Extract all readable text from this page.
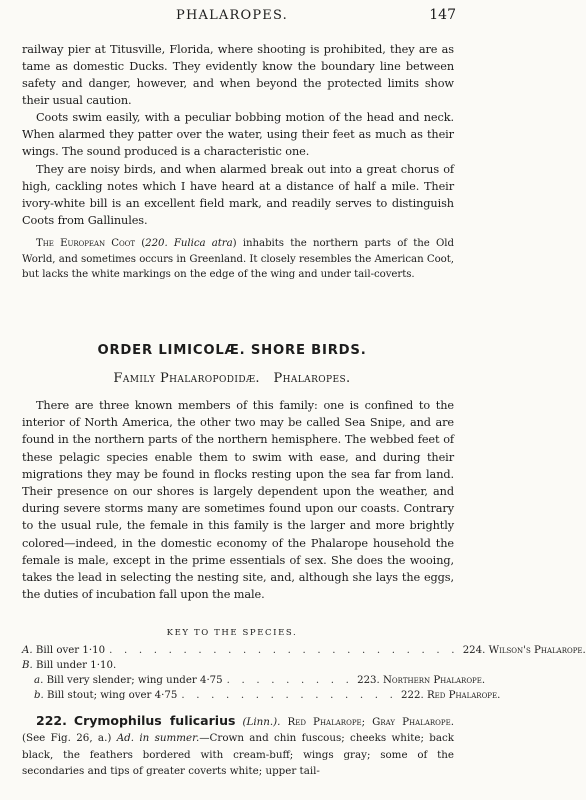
PHALAROPES.	147

railway pier at Titusville, Florida, where shooting is prohibited, they are as tame as domestic Ducks. They evidently know the boundary line between safety and danger, however, and when beyond the protected limits show their usual caution.

Coots swim easily, with a peculiar bobbing motion of the head and neck. When alarmed they patter over the water, using their feet as much as their wings. The sound produced is a characteristic one.

They are noisy birds, and when alarmed break out into a great chorus of high, cackling notes which I have heard at a distance of half a mile. Their ivory-white bill is an excellent field mark, and readily serves to distinguish Coots from Gallinules.

The European Coot (220. Fulica atra) inhabits the northern parts of the Old World, and sometimes occurs in Greenland. It closely resembles the American Coot, but lacks the white markings on the edge of the wing and under tail-coverts.

ORDER LIMICOLÆ. SHORE BIRDS.
Family Phalaropodidæ. Phalaropes.

There are three known members of this family: one is confined to the interior of North America, the other two may be called Sea Snipe, and are found in the northern parts of the northern hemisphere. The webbed feet of these pelagic species enable them to swim with ease, and during their migrations they may be found in flocks resting upon the sea far from land. Their presence on our shores is largely dependent upon the weather, and during severe storms many are sometimes found upon our coasts. Contrary to the usual rule, the female in this family is the larger and more brightly colored—indeed, in the domestic economy of the Phalarope household the female is male, except in the prime essentials of sex. She does the wooing, takes the lead in selecting the nesting site, and, although she lays the eggs, the duties of incubation fall upon the male.

KEY TO THE SPECIES.
A. Bill over 1·10 . . . . . . . . . . . . . . . . . . . . . . . . 224. Wilson's Phalarope.
B. Bill under 1·10.
a. Bill very slender; wing under 4·75 . . . . . . . . . 223. Northern Phalarope.
b. Bill stout; wing over 4·75 . . . . . . . . . . . . . . . 222. Red Phalarope.

222. Crymophilus fulicarius (Linn.). Red Phalarope; Gray Phalarope. (See Fig. 26, a.) Ad. in summer.—Crown and chin fuscous; cheeks white; back black, the feathers bordered with cream-buff; wings gray; some of the secondaries and tips of greater coverts white; upper tail-
